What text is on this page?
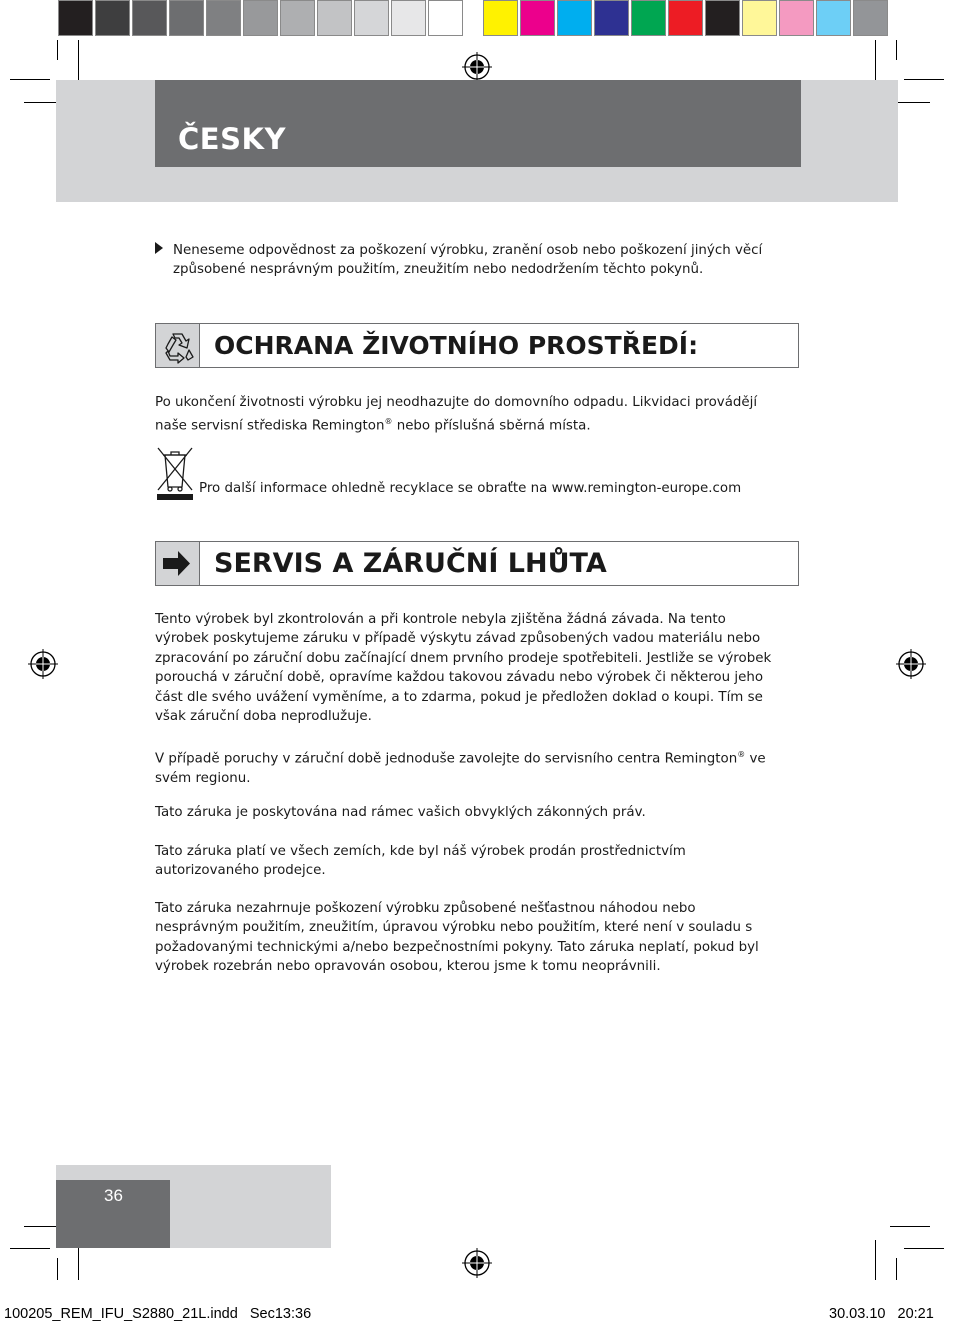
ČESKY

Neneseme odpovědnost za poškození výrobku, zranění osob nebo poškození jiných věcí způsobené nesprávným použitím, zneužitím nebo nedodržením těchto pokynů.

OCHRANA ŽIVOTNÍHO PROSTŘEDÍ:

Po ukončení životnosti výrobku jej neodhazujte do domovního odpadu. Likvidaci provádějí
naše servisní střediska Remington® nebo příslušná sběrná místa.

Pro další informace ohledně recyklace se obraťte na www.remington-europe.com

SERVIS A ZÁRUČNÍ LHŮTA

Tento výrobek byl zkontrolován a při kontrole nebyla zjištěna žádná závada. Na tento výrobek poskytujeme záruku v případě výskytu závad způsobených vadou materiálu nebo zpracování po záruční dobu začínající dnem prvního prodeje spotřebiteli. Jestliže se výrobek porouchá v záruční době, opravíme každou takovou závadu nebo výrobek či některou jeho část dle svého uvážení vyměníme, a to zdarma, pokud je předložen doklad o koupi. Tím se však záruční doba neprodlužuje.

V případě poruchy v záruční době jednoduše zavolejte do servisního centra Remington® ve svém regionu.

Tato záruka je poskytována nad rámec vašich obvyklých zákonných práv.

Tato záruka platí ve všech zemích, kde byl náš výrobek prodán prostřednictvím autorizovaného prodejce.

Tato záruka nezahrnuje poškození výrobku způsobené nešťastnou náhodou nebo nesprávným použitím, zneužitím, úpravou výrobku nebo použitím, které není v souladu s požadovanými technickými a/nebo bezpečnostními pokyny. Tato záruka neplatí, pokud byl výrobek rozebrán nebo opravován osobou, kterou jsme k tomu neoprávnili.

36
100205_REM_IFU_S2880_21L.indd   Sec13:36	30.03.10   20:21
